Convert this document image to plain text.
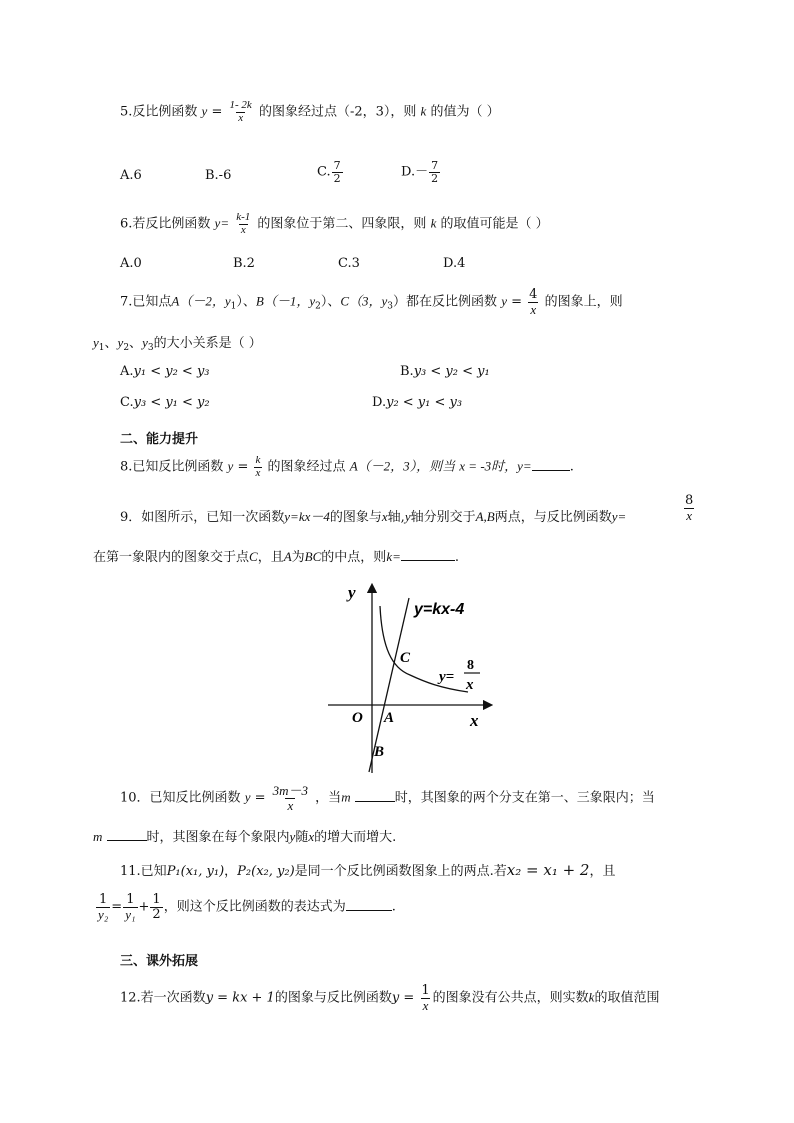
5.反比例函数 $y = \frac{1- 2k}{x}$ 的图象经过点（-2，3），则 k 的值为（ ）
A.6	B.-6	C. $\frac{7}{2}$	$D.- \frac{7}{2}$
6.若反比例函数 $y= \frac{k-1}{x}$ 的图象位于第二、四象限，则 k 的取值可能是（ ）
A.0	B.2	C.3	D.4
7.已知点A（－2，$y_1$）、B（－1，$y_2$）、C（3，$y_3$）都在反比例函数 $y = \frac{4}{x}$ 的图象上，则
$y_1$、$y_2$、$y_3$的大小关系是（ ）
A.y₁ < y₂ < y₃	B.y₃ < y₂ < y₁
C.y₃ < y₁ < y₂	D.y₂ < y₁ < y₃
二、能力提升
8.已知反比例函数 $y = \frac{k}{x}$ 的图象经过点 A（－2，3），则当 x = -3时，y=	.
9．如图所示，已知一次函数y=kx－4的图象与x轴,y轴分别交于A,B两点，与反比例函数y=	$\frac{8}{x}$
在第一象限内的图象交于点C，且A为BC的中点，则k=	.
y
x
O A
B
C
y=kx-4
y=
8
x
10．已知反比例函数 $y = \frac{3m-3}{x}$ ，当m	时，其图象的两个分支在第一、三象限内；当
m	时，其图象在每个象限内y随x的增大而增大.
11.已知P₁(x₁, y₁)，P₂(x₂, y₂)是同一个反比例函数图象上的两点.若x₂ = x₁ + 2，且
$\frac{1}{\text{y₂}} = \frac{1}{\text{y₁}} + \frac{1}{2}$ ，则这个反比例函数的表达式为	.
三、课外拓展
12.若一次函数y = kx + 1的图象与反比例函数$y = \frac{1}{x}$ 的图象没有公共点，则实数k的取值范围
